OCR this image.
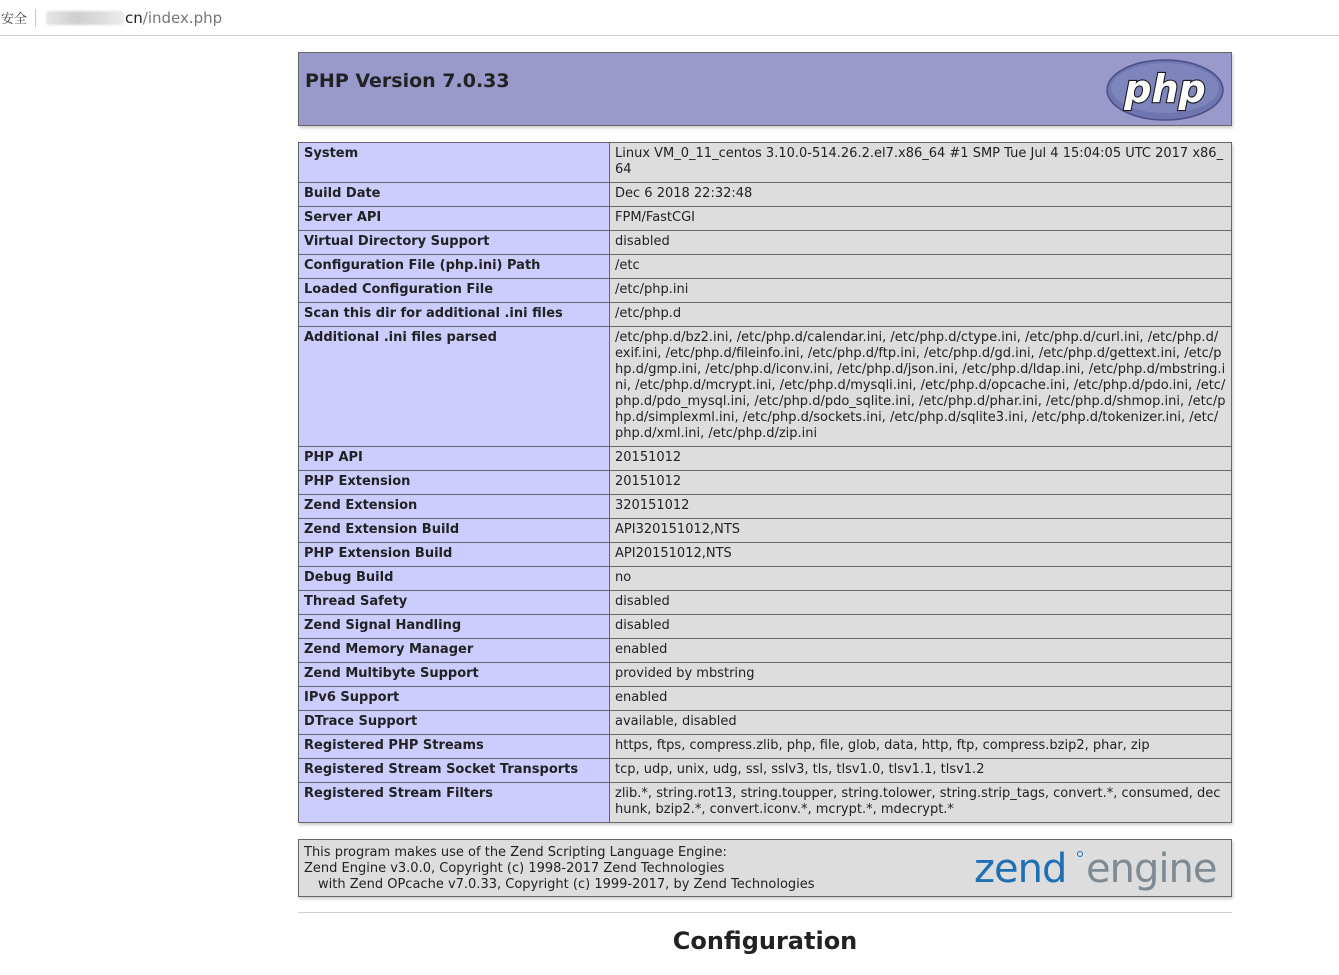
安全	cn /index.php
PHP Version 7.0.33	php
System	Linux VM_0_11_centos 3.10.0-514.26.2.el7.x86_64 #1 SMP Tue Jul 4 15:04:05 UTC 2017 x86_64
Build Date	Dec 6 2018 22:32:48
Server API	FPM/FastCGI
Virtual Directory Support	disabled
Configuration File (php.ini) Path	/etc
Loaded Configuration File	/etc/php.ini
Scan this dir for additional .ini files	/etc/php.d
Additional .ini files parsed	/etc/php.d/bz2.ini, /etc/php.d/calendar.ini, /etc/php.d/ctype.ini, /etc/php.d/curl.ini, /etc/php.d/exif.ini, /etc/php.d/fileinfo.ini, /etc/php.d/ftp.ini, /etc/php.d/gd.ini, /etc/php.d/gettext.ini, /etc/php.d/gmp.ini, /etc/php.d/iconv.ini, /etc/php.d/json.ini, /etc/php.d/ldap.ini, /etc/php.d/mbstring.ini, /etc/php.d/mcrypt.ini, /etc/php.d/mysqli.ini, /etc/php.d/opcache.ini, /etc/php.d/pdo.ini, /etc/php.d/pdo_mysql.ini, /etc/php.d/pdo_sqlite.ini, /etc/php.d/phar.ini, /etc/php.d/shmop.ini, /etc/php.d/simplexml.ini, /etc/php.d/sockets.ini, /etc/php.d/sqlite3.ini, /etc/php.d/tokenizer.ini, /etc/php.d/xml.ini, /etc/php.d/zip.ini
PHP API	20151012
PHP Extension	20151012
Zend Extension	320151012
Zend Extension Build	API320151012,NTS
PHP Extension Build	API20151012,NTS
Debug Build	no
Thread Safety	disabled
Zend Signal Handling	disabled
Zend Memory Manager	enabled
Zend Multibyte Support	provided by mbstring
IPv6 Support	enabled
DTrace Support	available, disabled
Registered PHP Streams	https, ftps, compress.zlib, php, file, glob, data, http, ftp, compress.bzip2, phar, zip
Registered Stream Socket Transports	tcp, udp, unix, udg, ssl, sslv3, tls, tlsv1.0, tlsv1.1, tlsv1.2
Registered Stream Filters	zlib.*, string.rot13, string.toupper, string.tolower, string.strip_tags, convert.*, consumed, dechunk, bzip2.*, convert.iconv.*, mcrypt.*, mdecrypt.*
This program makes use of the Zend Scripting Language Engine:
Zend Engine v3.0.0, Copyright (c) 1998-2017 Zend Technologies
with Zend OPcache v7.0.33, Copyright (c) 1999-2017, by Zend Technologies	zend engine
Configuration
